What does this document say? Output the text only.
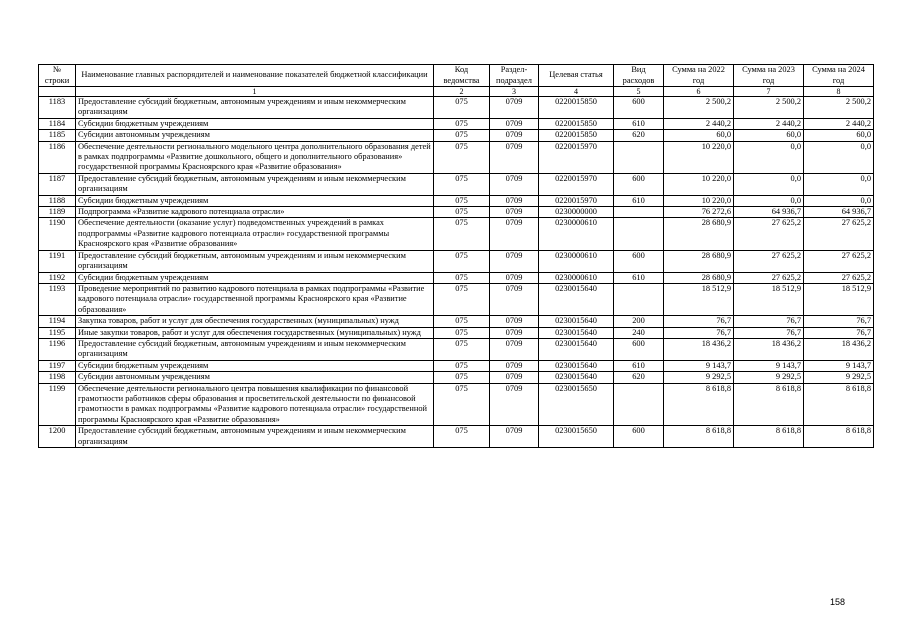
№ строки	Наименование главных распорядителей и наименование показателей бюджетной классификации	Код ведомства	Раздел-подраздел	Целевая статья	Вид расходов	Сумма на 2022 год	Сумма на 2023 год	Сумма на 2024 год
	1	2	3	4	5	6	7	8
1183	Предоставление субсидий бюджетным, автономным учреждениям и иным некоммерческим организациям	075	0709	0220015850	600	2 500,2	2 500,2	2 500,2
1184	Субсидии бюджетным учреждениям	075	0709	0220015850	610	2 440,2	2 440,2	2 440,2
1185	Субсидии автономным учреждениям	075	0709	0220015850	620	60,0	60,0	60,0
1186	Обеспечение деятельности регионального модельного центра дополнительного образования детей в рамках подпрограммы «Развитие дошкольного, общего и дополнительного образования» государственной программы Красноярского края «Развитие образования»	075	0709	0220015970		10 220,0	0,0	0,0
1187	Предоставление субсидий бюджетным, автономным учреждениям и иным некоммерческим организациям	075	0709	0220015970	600	10 220,0	0,0	0,0
1188	Субсидии бюджетным учреждениям	075	0709	0220015970	610	10 220,0	0,0	0,0
1189	Подпрограмма «Развитие кадрового потенциала отрасли»	075	0709	0230000000		76 272,6	64 936,7	64 936,7
1190	Обеспечение деятельности (оказание услуг) подведомственных учреждений в рамках подпрограммы «Развитие кадрового потенциала отрасли» государственной программы Красноярского края «Развитие образования»	075	0709	0230000610		28 680,9	27 625,2	27 625,2
1191	Предоставление субсидий бюджетным, автономным учреждениям и иным некоммерческим организациям	075	0709	0230000610	600	28 680,9	27 625,2	27 625,2
1192	Субсидии бюджетным учреждениям	075	0709	0230000610	610	28 680,9	27 625,2	27 625,2
1193	Проведение мероприятий по развитию кадрового потенциала в рамках подпрограммы «Развитие кадрового потенциала отрасли» государственной программы Красноярского края «Развитие образования»	075	0709	0230015640		18 512,9	18 512,9	18 512,9
1194	Закупка товаров, работ и услуг для обеспечения государственных (муниципальных) нужд	075	0709	0230015640	200	76,7	76,7	76,7
1195	Иные закупки товаров, работ и услуг для обеспечения государственных (муниципальных) нужд	075	0709	0230015640	240	76,7	76,7	76,7
1196	Предоставление субсидий бюджетным, автономным учреждениям и иным некоммерческим организациям	075	0709	0230015640	600	18 436,2	18 436,2	18 436,2
1197	Субсидии бюджетным учреждениям	075	0709	0230015640	610	9 143,7	9 143,7	9 143,7
1198	Субсидии автономным учреждениям	075	0709	0230015640	620	9 292,5	9 292,5	9 292,5
1199	Обеспечение деятельности регионального центра повышения квалификации по финансовой грамотности работников сферы образования и просветительской деятельности по финансовой грамотности в рамках подпрограммы «Развитие кадрового потенциала отрасли» государственной программы Красноярского края «Развитие образования»	075	0709	0230015650		8 618,8	8 618,8	8 618,8
1200	Предоставление субсидий бюджетным, автономным учреждениям и иным некоммерческим организациям	075	0709	0230015650	600	8 618,8	8 618,8	8 618,8
158
